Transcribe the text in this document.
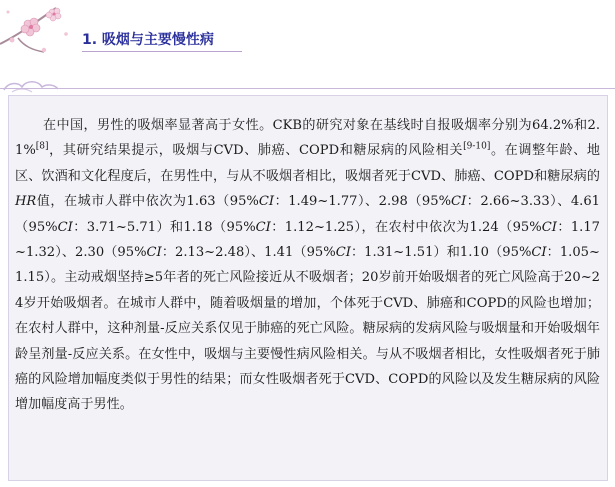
1. 吸烟与主要慢性病
在中国，男性的吸烟率显著高于女性。CKB的研究对象在基线时自报吸烟率分别为64.2%和2.1%[8]，其研究结果提示，吸烟与CVD、肺癌、COPD和糖尿病的风险相关[9-10]。在调整年龄、地区、饮酒和文化程度后，在男性中，与从不吸烟者相比，吸烟者死于CVD、肺癌、COPD和糖尿病的HR值，在城市人群中依次为1.63（95%CI：1.49~1.77）、2.98（95%CI：2.66~3.33）、4.61（95%CI：3.71~5.71）和1.18（95%CI：1.12~1.25），在农村中依次为1.24（95%CI：1.17~1.32）、2.30（95%CI：2.13~2.48）、1.41（95%CI：1.31~1.51）和1.10（95%CI：1.05~1.15）。主动戒烟坚持≥5年者的死亡风险接近从不吸烟者；20岁前开始吸烟者的死亡风险高于20~24岁开始吸烟者。在城市人群中，随着吸烟量的增加，个体死于CVD、肺癌和COPD的风险也增加；在农村人群中，这种剂量-反应关系仅见于肺癌的死亡风险。糖尿病的发病风险与吸烟量和开始吸烟年龄呈剂量-反应关系。在女性中，吸烟与主要慢性病风险相关。与从不吸烟者相比，女性吸烟者死于肺癌的风险增加幅度类似于男性的结果；而女性吸烟者死于CVD、COPD的风险以及发生糖尿病的风险增加幅度高于男性。
